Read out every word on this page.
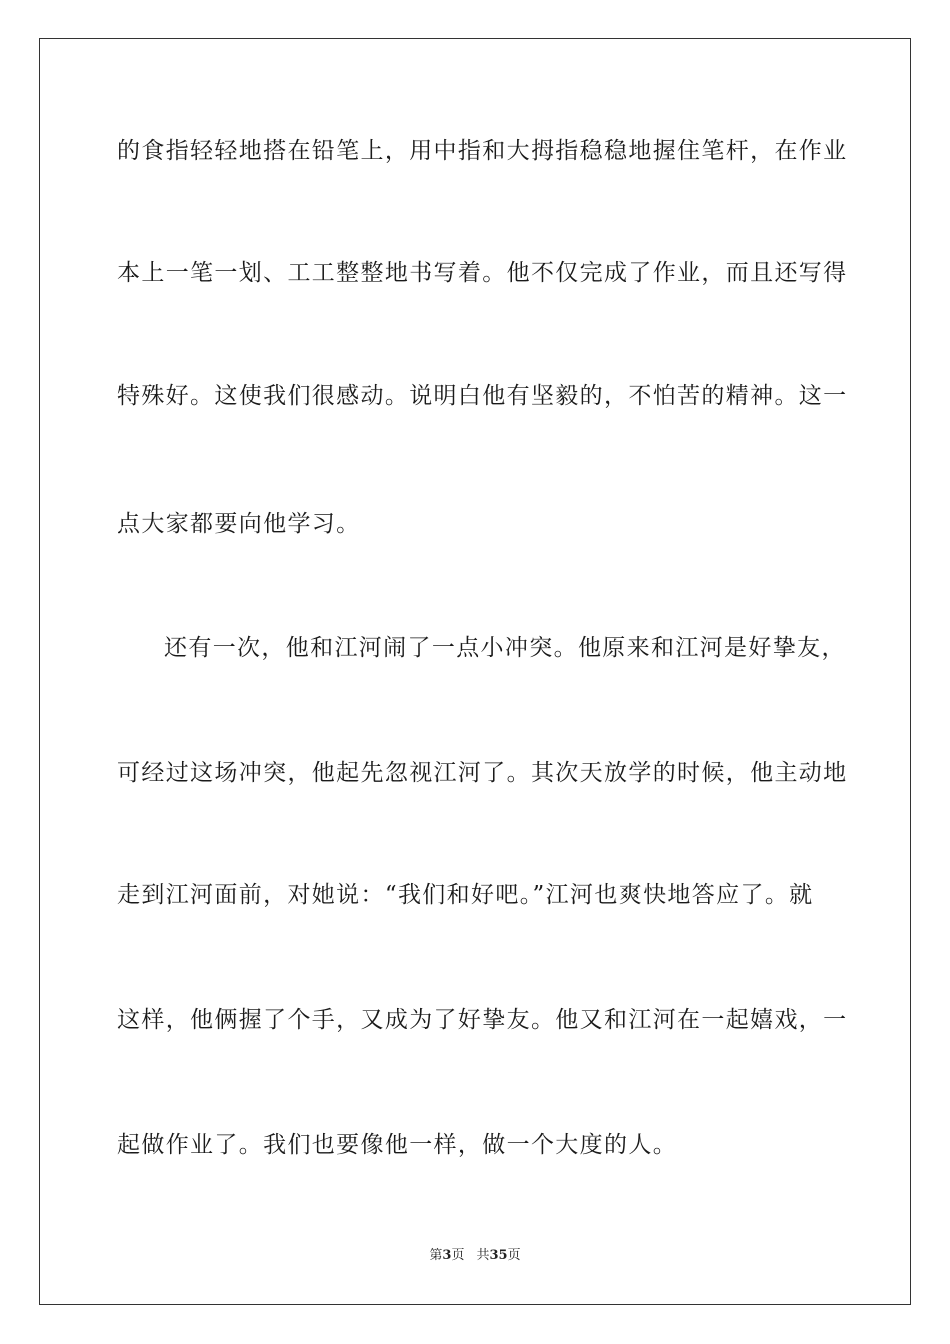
的食指轻轻地搭在铅笔上，用中指和大拇指稳稳地握住笔杆，在作业
本上一笔一划、工工整整地书写着。他不仅完成了作业，而且还写得
特殊好。这使我们很感动。说明白他有坚毅的，不怕苦的精神。这一
点大家都要向他学习。
还有一次，他和江河闹了一点小冲突。他原来和江河是好挚友，
可经过这场冲突，他起先忽视江河了。其次天放学的时候，他主动地
走到江河面前，对她说：“我们和好吧。”江河也爽快地答应了。就
这样，他俩握了个手，又成为了好挚友。他又和江河在一起嬉戏，一
起做作业了。我们也要像他一样，做一个大度的人。
第3页 共35页
